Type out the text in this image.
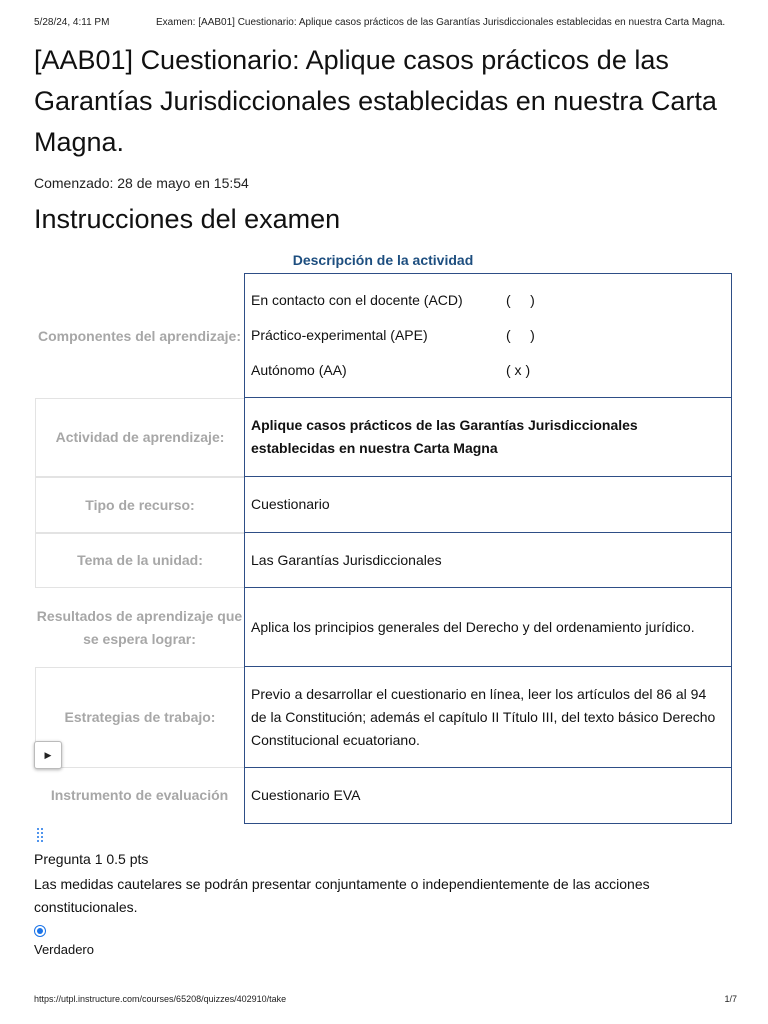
5/28/24, 4:11 PM	Examen: [AAB01] Cuestionario: Aplique casos prácticos de las Garantías Jurisdiccionales establecidas en nuestra Carta Magna.
[AAB01] Cuestionario: Aplique casos prácticos de las Garantías Jurisdiccionales establecidas en nuestra Carta Magna.
Comenzado: 28 de mayo en 15:54
Instrucciones del examen
Descripción de la actividad
Componentes del aprendizaje:
En contacto con el docente (ACD)	(     )
Práctico-experimental (APE)	(     )
Autónomo (AA)	( x )
Actividad de aprendizaje:
Aplique casos prácticos de las Garantías Jurisdiccionales establecidas en nuestra Carta Magna
Tipo de recurso:	Cuestionario
Tema de la unidad:	Las Garantías Jurisdiccionales
Resultados de aprendizaje que se espera lograr:
Aplica los principios generales del Derecho y del ordenamiento jurídico.
Estrategias de trabajo:
Previo a desarrollar el cuestionario en línea, leer los artículos del 86 al 94 de la Constitución; además el capítulo II Título III, del texto básico Derecho Constitucional ecuatoriano.
Instrumento de evaluación Cuestionario EVA
▶
Pregunta 1 0.5 pts
Las medidas cautelares se podrán presentar conjuntamente o independientemente de las acciones constitucionales.
Verdadero
https://utpl.instructure.com/courses/65208/quizzes/402910/take	1/7
